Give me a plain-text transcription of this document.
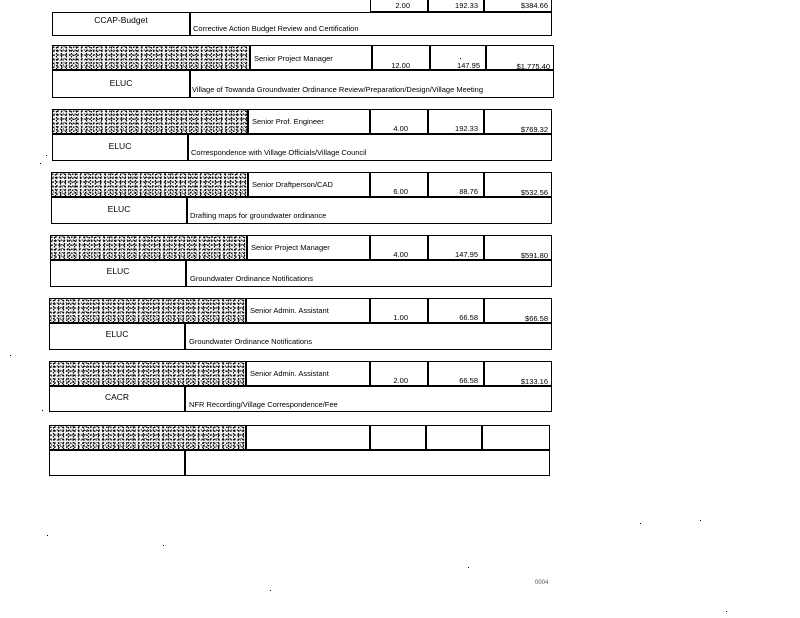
2.00	192.33	$384.66
CCAP-Budget
Corrective Action Budget Review and Certification
Senior Project Manager
12.00	147.95	$1,775.40
ELUC
Village of Towanda Groundwater Ordinance Review/Preparation/Design/Village Meeting
Senior Prof. Engineer
4.00	192.33	$769.32
ELUC
Correspondence with Village Officials/Village Council
Senior Draftperson/CAD
6.00	88.76	$532.56
ELUC
Drafting maps for groundwater ordinance
Senior Project Manager
4.00	147.95	$591.80
ELUC
Groundwater Ordinance Notifications
Senior Admin. Assistant
1.00	66.58	$66.58
ELUC
Groundwater Ordinance Notifications
Senior Admin. Assistant
2.00	66.58	$133.16
CACR
NFR Recording/Village Correspondence/Fee
0004
